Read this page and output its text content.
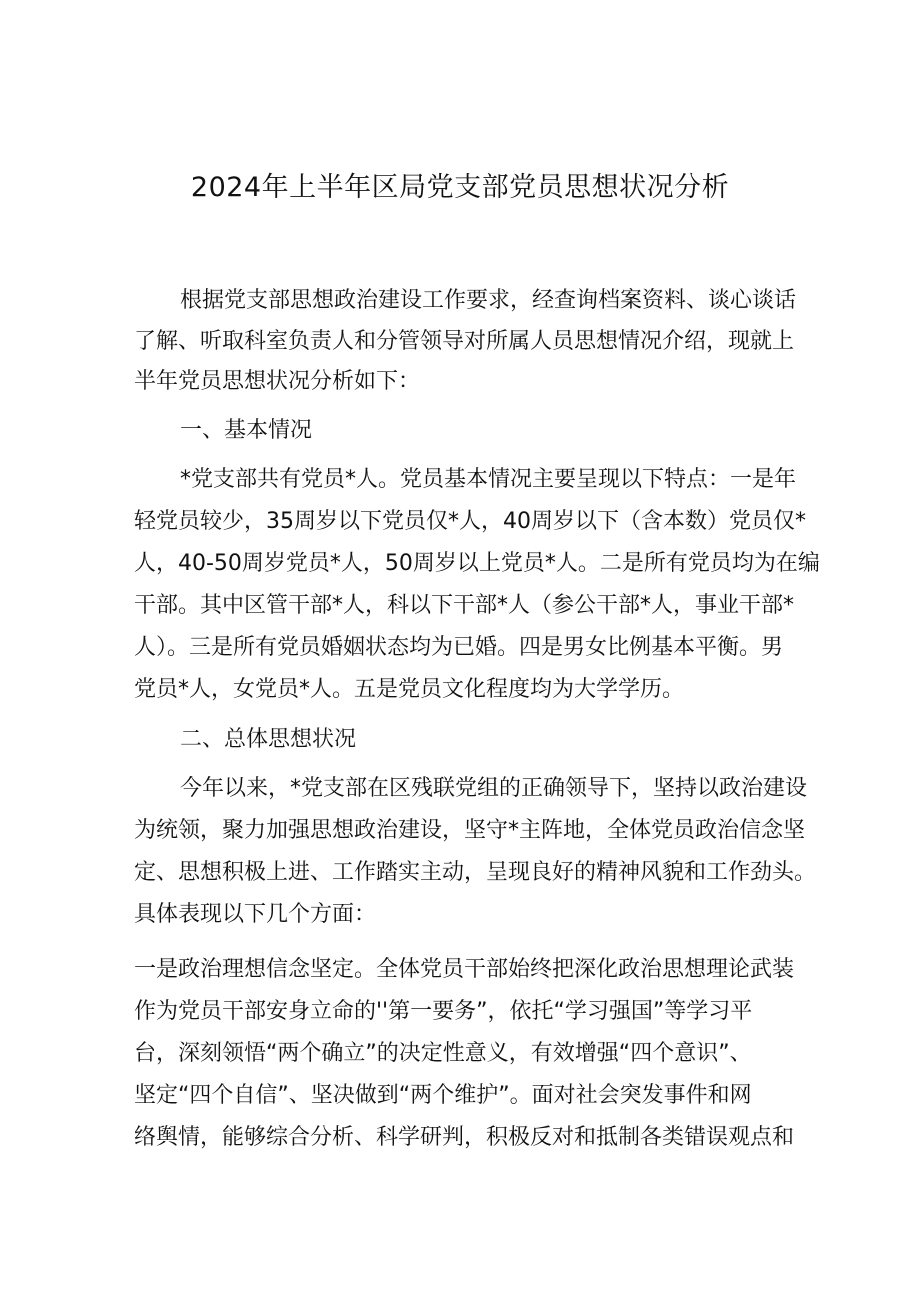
2024年上半年区局党支部党员思想状况分析
根据党支部思想政治建设工作要求，经查询档案资料、谈心谈话
了解、听取科室负责人和分管领导对所属人员思想情况介绍，现就上
半年党员思想状况分析如下：
一、基本情况
*党支部共有党员*人。党员基本情况主要呈现以下特点：一是年
轻党员较少，35周岁以下党员仅*人，40周岁以下（含本数）党员仅*
人，40-50周岁党员*人，50周岁以上党员*人。二是所有党员均为在编
干部。其中区管干部*人，科以下干部*人（参公干部*人，事业干部*
人）。三是所有党员婚姻状态均为已婚。四是男女比例基本平衡。男
党员*人，女党员*人。五是党员文化程度均为大学学历。
二、总体思想状况
今年以来，*党支部在区残联党组的正确领导下，坚持以政治建设
为统领，聚力加强思想政治建设，坚守*主阵地，全体党员政治信念坚
定、思想积极上进、工作踏实主动，呈现良好的精神风貌和工作劲头。
具体表现以下几个方面：
一是政治理想信念坚定。全体党员干部始终把深化政治思想理论武装
作为党员干部安身立命的''第一要务”，依托“学习强国”等学习平
台，深刻领悟“两个确立”的决定性意义，有效增强“四个意识”、
坚定“四个自信”、坚决做到“两个维护”。面对社会突发事件和网
络舆情，能够综合分析、科学研判，积极反对和抵制各类错误观点和
